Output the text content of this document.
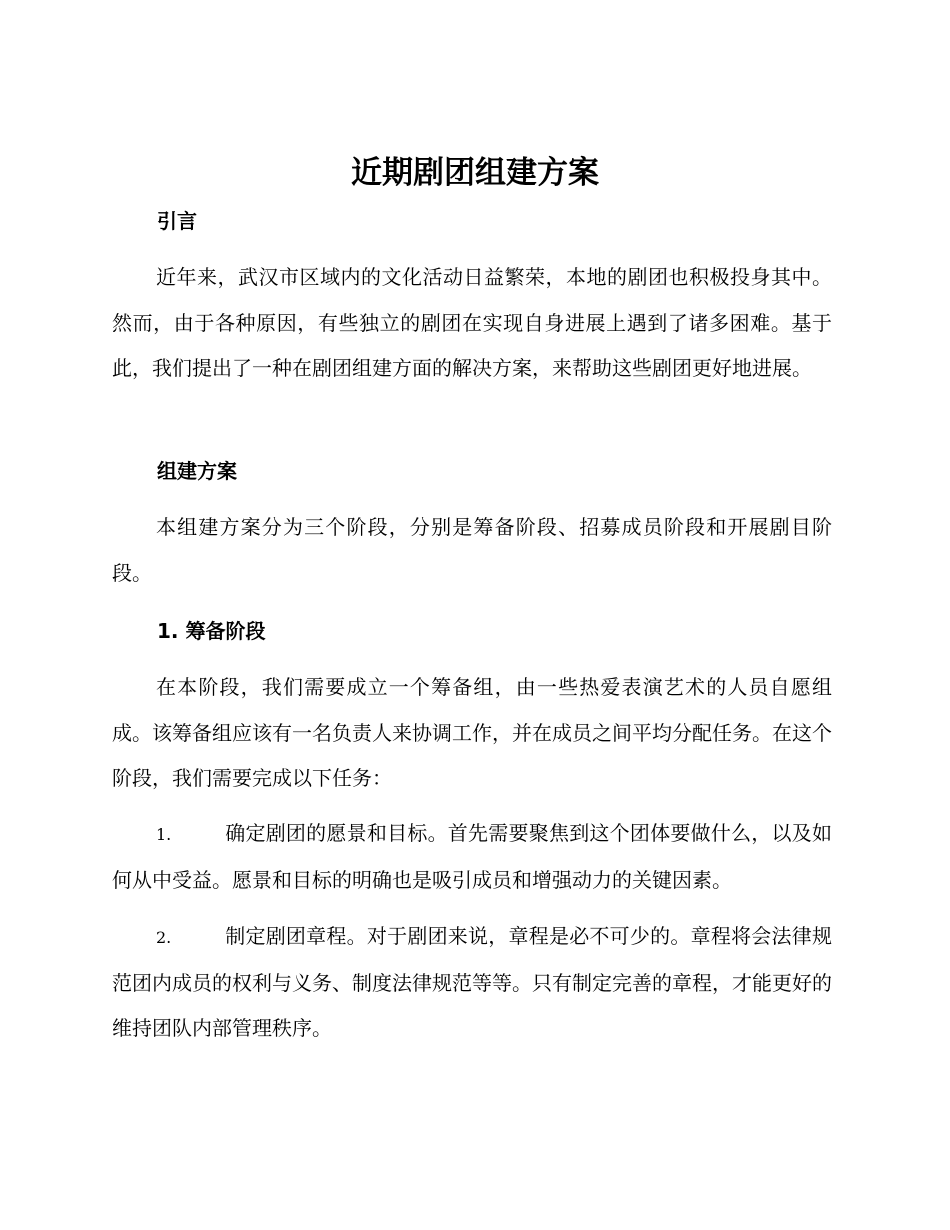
近期剧团组建方案
引言

近年来，武汉市区域内的文化活动日益繁荣，本地的剧团也积极投身其中。然而，由于各种原因，有些独立的剧团在实现自身进展上遇到了诸多困难。基于此，我们提出了一种在剧团组建方面的解决方案，来帮助这些剧团更好地进展。

组建方案

本组建方案分为三个阶段，分别是筹备阶段、招募成员阶段和开展剧目阶段。

1. 筹备阶段

在本阶段，我们需要成立一个筹备组，由一些热爱表演艺术的人员自愿组成。该筹备组应该有一名负责人来协调工作，并在成员之间平均分配任务。在这个阶段，我们需要完成以下任务：

1.	确定剧团的愿景和目标。首先需要聚焦到这个团体要做什么，以及如何从中受益。愿景和目标的明确也是吸引成员和增强动力的关键因素。

2.	制定剧团章程。对于剧团来说，章程是必不可少的。章程将会法律规范团内成员的权利与义务、制度法律规范等等。只有制定完善的章程，才能更好的维持团队内部管理秩序。
